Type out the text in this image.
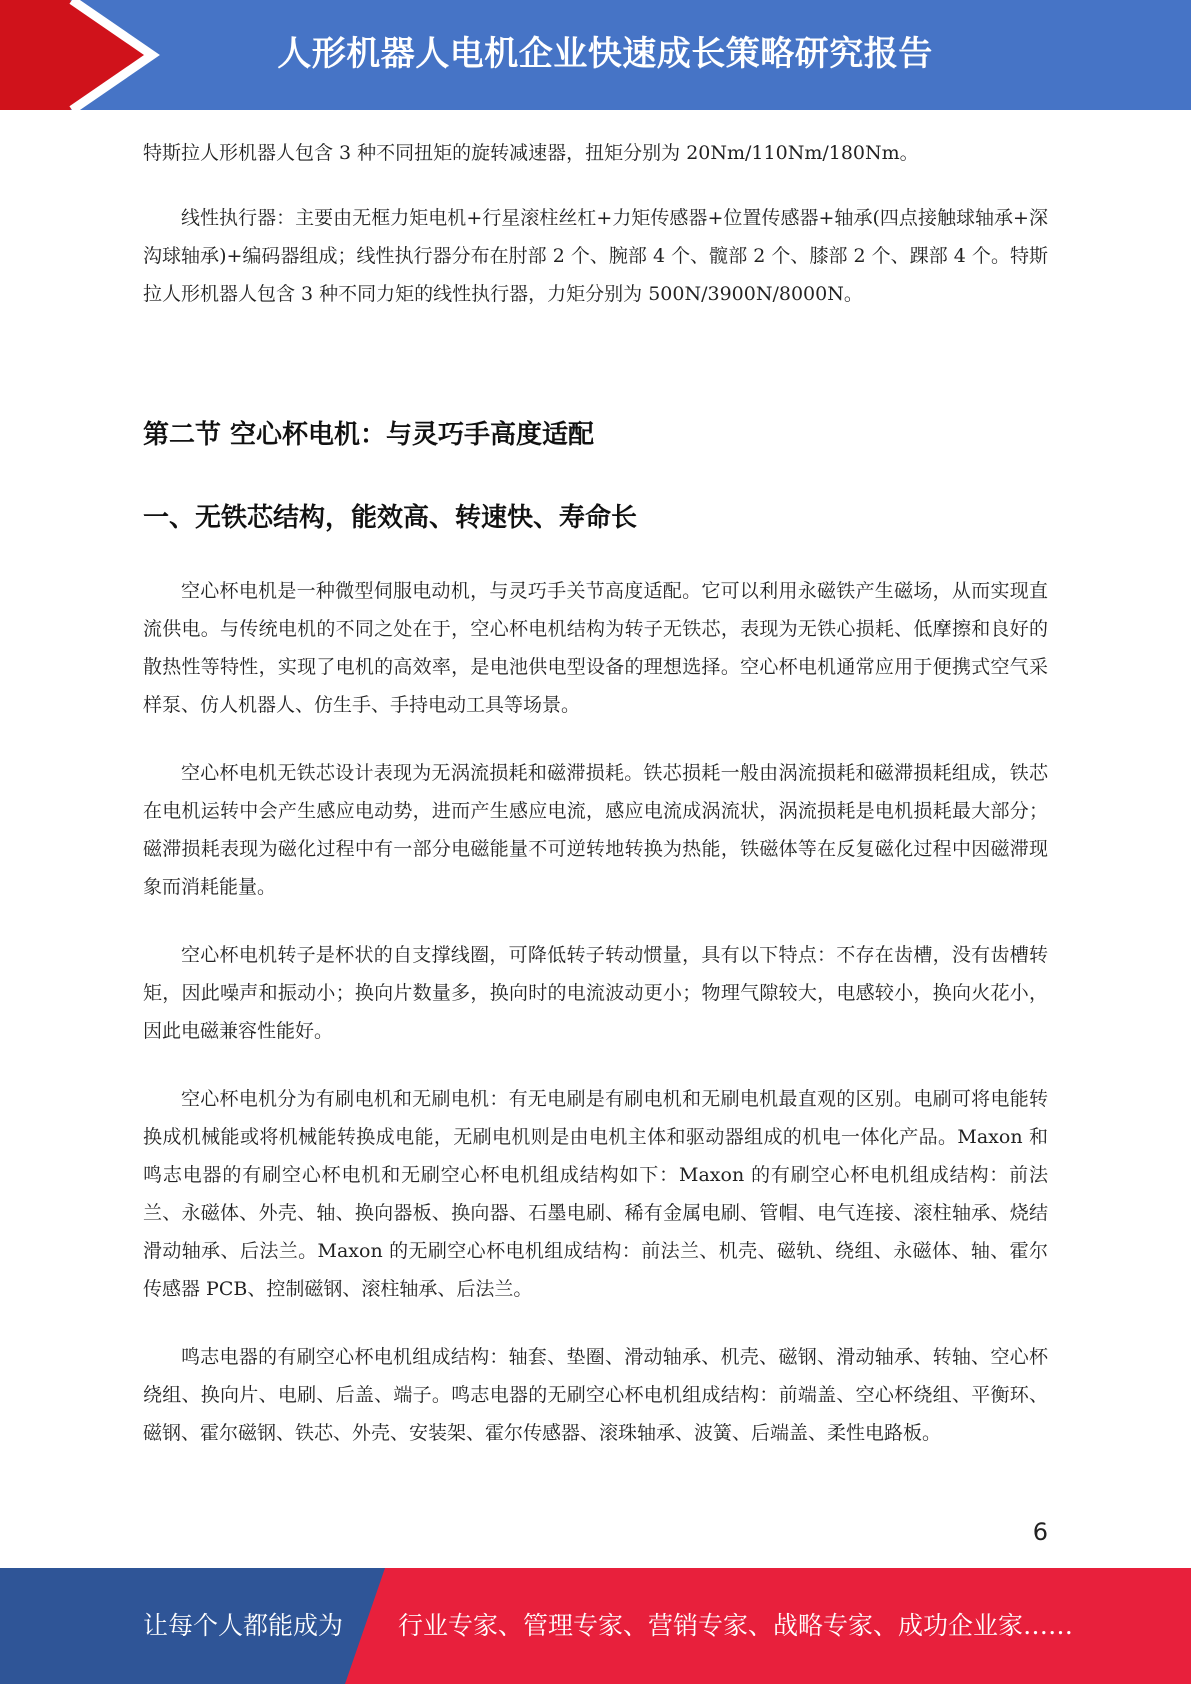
人形机器人电机企业快速成长策略研究报告

特斯拉人形机器人包含 3 种不同扭矩的旋转减速器，扭矩分别为 20Nm/110Nm/180Nm。

线性执行器：主要由无框力矩电机+行星滚柱丝杠+力矩传感器+位置传感器+轴承(四点接触球轴承+深沟球轴承)+编码器组成；线性执行器分布在肘部 2 个、腕部 4 个、髋部 2 个、膝部 2 个、踝部 4 个。特斯拉人形机器人包含 3 种不同力矩的线性执行器，力矩分别为 500N/3900N/8000N。

第二节 空心杯电机：与灵巧手高度适配
一、无铁芯结构，能效高、转速快、寿命长

空心杯电机是一种微型伺服电动机，与灵巧手关节高度适配。它可以利用永磁铁产生磁场，从而实现直流供电。与传统电机的不同之处在于，空心杯电机结构为转子无铁芯，表现为无铁心损耗、低摩擦和良好的散热性等特性，实现了电机的高效率，是电池供电型设备的理想选择。空心杯电机通常应用于便携式空气采样泵、仿人机器人、仿生手、手持电动工具等场景。

空心杯电机无铁芯设计表现为无涡流损耗和磁滞损耗。铁芯损耗一般由涡流损耗和磁滞损耗组成，铁芯在电机运转中会产生感应电动势，进而产生感应电流，感应电流成涡流状，涡流损耗是电机损耗最大部分；磁滞损耗表现为磁化过程中有一部分电磁能量不可逆转地转换为热能，铁磁体等在反复磁化过程中因磁滞现象而消耗能量。

空心杯电机转子是杯状的自支撑线圈，可降低转子转动惯量，具有以下特点：不存在齿槽，没有齿槽转矩，因此噪声和振动小；换向片数量多，换向时的电流波动更小；物理气隙较大，电感较小，换向火花小，因此电磁兼容性能好。

空心杯电机分为有刷电机和无刷电机：有无电刷是有刷电机和无刷电机最直观的区别。电刷可将电能转换成机械能或将机械能转换成电能，无刷电机则是由电机主体和驱动器组成的机电一体化产品。Maxon 和鸣志电器的有刷空心杯电机和无刷空心杯电机组成结构如下：Maxon 的有刷空心杯电机组成结构：前法兰、永磁体、外壳、轴、换向器板、换向器、石墨电刷、稀有金属电刷、管帽、电气连接、滚柱轴承、烧结滑动轴承、后法兰。Maxon 的无刷空心杯电机组成结构：前法兰、机壳、磁轨、绕组、永磁体、轴、霍尔传感器 PCB、控制磁钢、滚柱轴承、后法兰。

鸣志电器的有刷空心杯电机组成结构：轴套、垫圈、滑动轴承、机壳、磁钢、滑动轴承、转轴、空心杯绕组、换向片、电刷、后盖、端子。鸣志电器的无刷空心杯电机组成结构：前端盖、空心杯绕组、平衡环、磁钢、霍尔磁钢、铁芯、外壳、安装架、霍尔传感器、滚珠轴承、波簧、后端盖、柔性电路板。

6
让每个人都能成为 行业专家、管理专家、营销专家、战略专家、成功企业家……
